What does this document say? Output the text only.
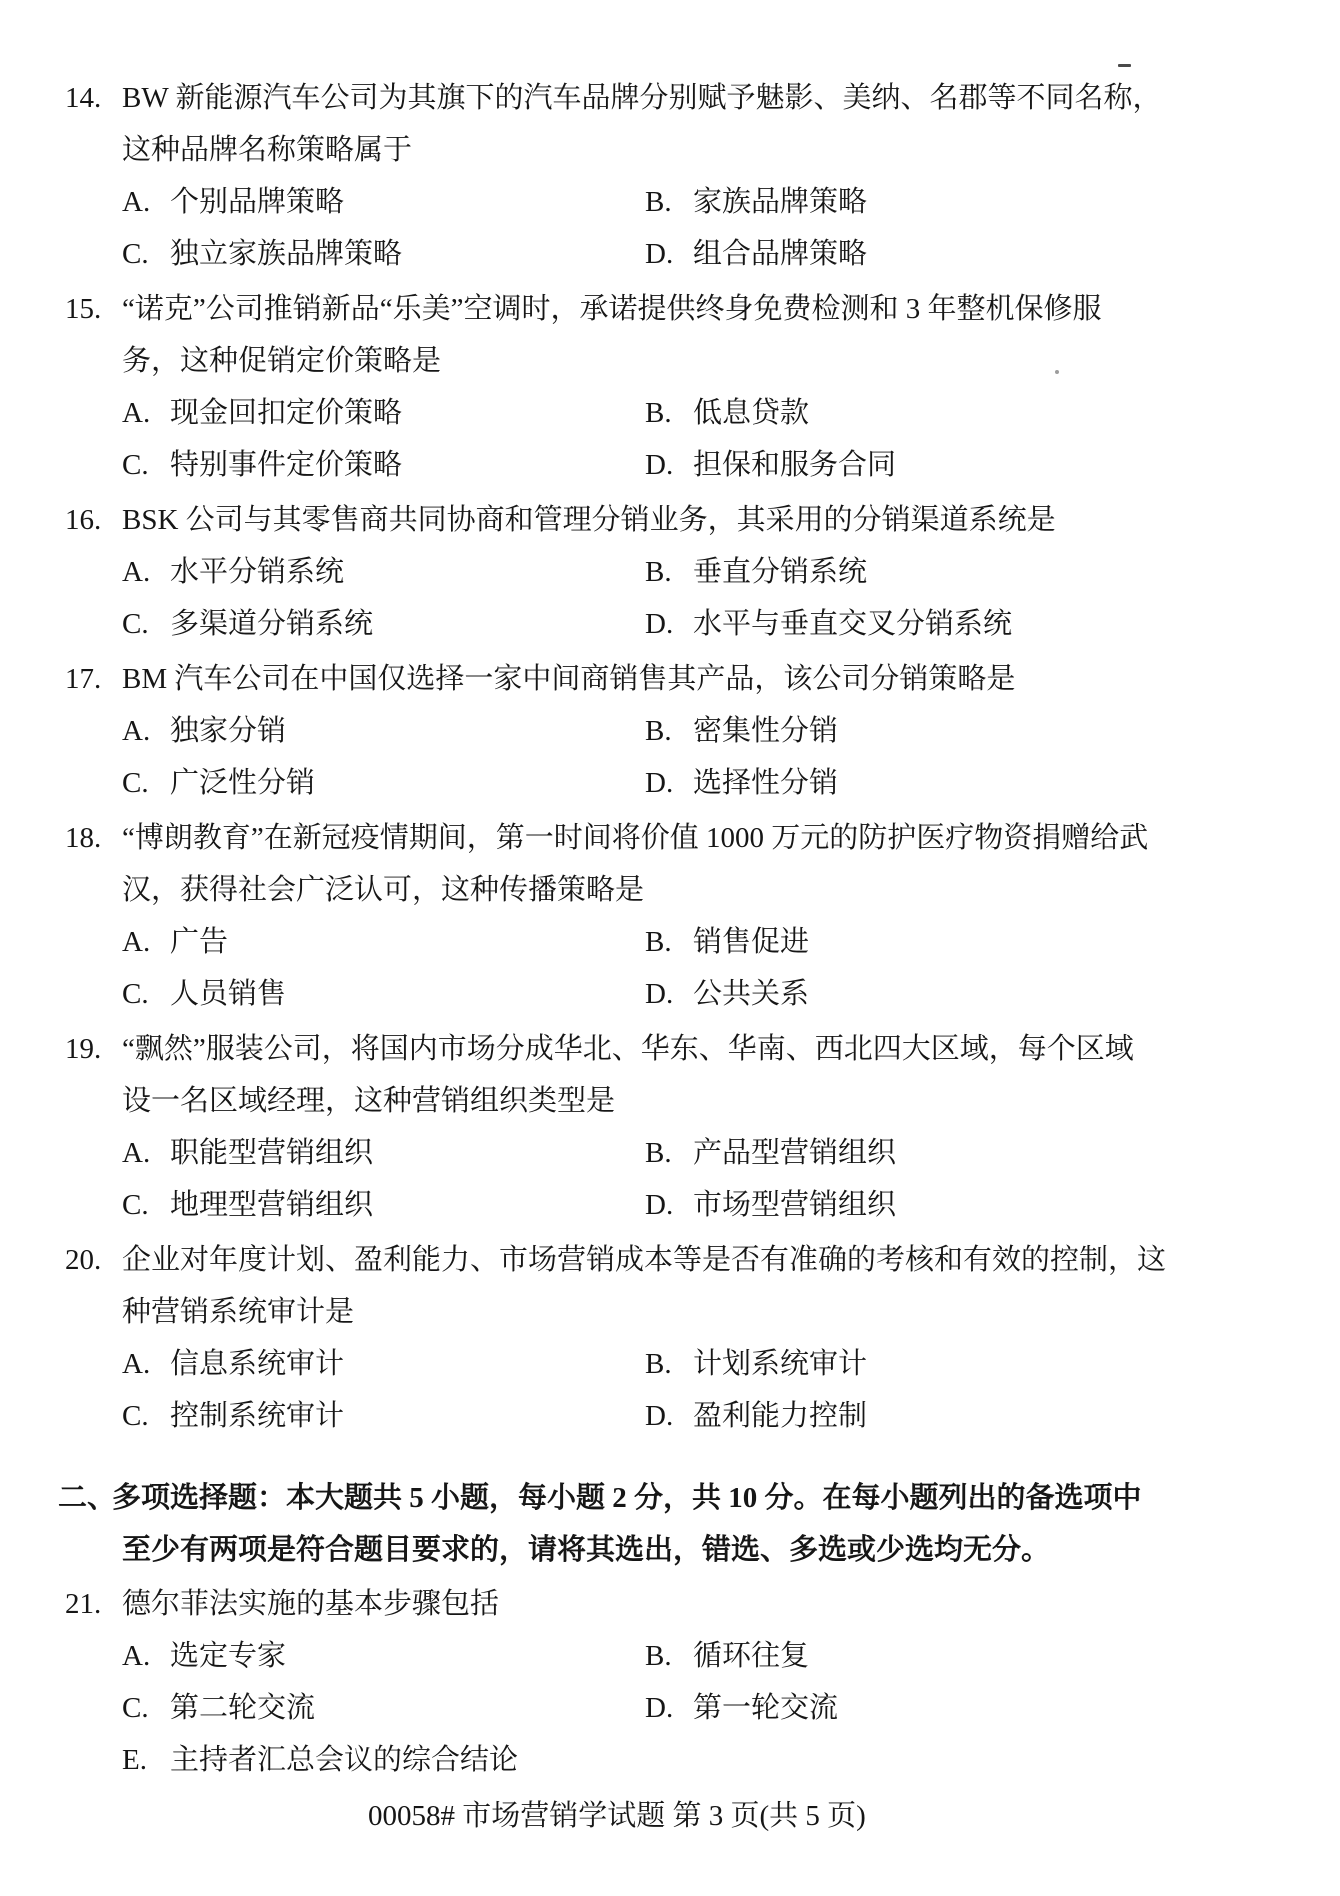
14. BW 新能源汽车公司为其旗下的汽车品牌分别赋予魅影、美纳、名郡等不同名称，
这种品牌名称策略属于
A. 个别品牌策略	B. 家族品牌策略
C. 独立家族品牌策略	D. 组合品牌策略
15. “诺克”公司推销新品“乐美”空调时，承诺提供终身免费检测和 3 年整机保修服
务，这种促销定价策略是
A. 现金回扣定价策略	B. 低息贷款
C. 特别事件定价策略	D. 担保和服务合同
16. BSK 公司与其零售商共同协商和管理分销业务，其采用的分销渠道系统是
A. 水平分销系统	B. 垂直分销系统
C. 多渠道分销系统	D. 水平与垂直交叉分销系统
17. BM 汽车公司在中国仅选择一家中间商销售其产品，该公司分销策略是
A. 独家分销	B. 密集性分销
C. 广泛性分销	D. 选择性分销
18. “博朗教育”在新冠疫情期间，第一时间将价值 1000 万元的防护医疗物资捐赠给武
汉，获得社会广泛认可，这种传播策略是
A. 广告	B. 销售促进
C. 人员销售	D. 公共关系
19. “飘然”服装公司，将国内市场分成华北、华东、华南、西北四大区域，每个区域
设一名区域经理，这种营销组织类型是
A. 职能型营销组织	B. 产品型营销组织
C. 地理型营销组织	D. 市场型营销组织
20. 企业对年度计划、盈利能力、市场营销成本等是否有准确的考核和有效的控制，这
种营销系统审计是
A. 信息系统审计	B. 计划系统审计
C. 控制系统审计	D. 盈利能力控制
二、
多项选择题：本大题共 5 小题，每小题 2 分，共 10 分。在每小题列出的备选项中
至少有两项是符合题目要求的，请将其选出，错选、多选或少选均无分。
21. 德尔菲法实施的基本步骤包括
A. 选定专家	B. 循环往复
C. 第二轮交流	D. 第一轮交流
E. 主持者汇总会议的综合结论
00058# 市场营销学试题 第 3 页(共 5 页)
